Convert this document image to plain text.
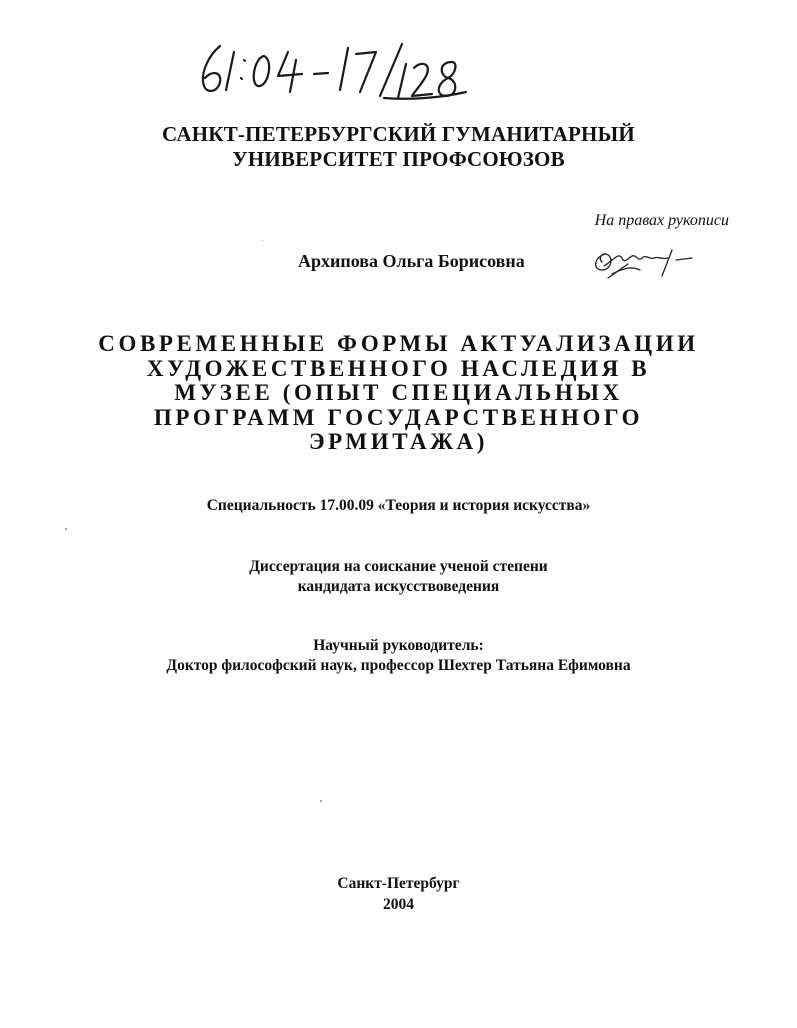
САНКТ-ПЕТЕРБУРГСКИЙ ГУМАНИТАРНЫЙ
УНИВЕРСИТЕТ ПРОФСОЮЗОВ
На правах рукописи
Архипова Ольга Борисовна
СОВРЕМЕННЫЕ ФОРМЫ АКТУАЛИЗАЦИИ
ХУДОЖЕСТВЕННОГО НАСЛЕДИЯ В
МУЗЕЕ (ОПЫТ СПЕЦИАЛЬНЫХ
ПРОГРАММ ГОСУДАРСТВЕННОГО
ЭРМИТАЖА)
Специальность 17.00.09 «Теория и история искусства»
Диссертация на соискание ученой степени
кандидата искусствоведения
Научный руководитель:
Доктор философский наук, профессор Шехтер Татьяна Ефимовна
Санкт-Петербург
2004
